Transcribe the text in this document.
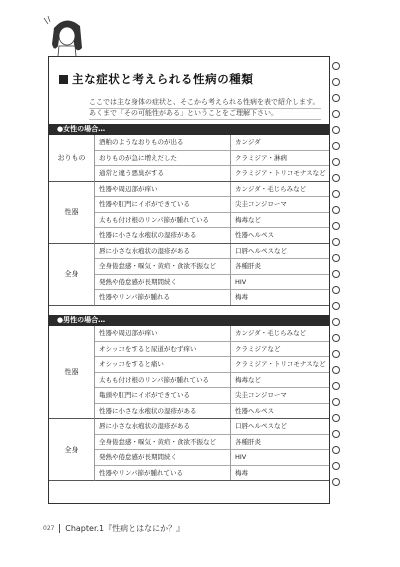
主な症状と考えられる性病の種類
ここでは主な身体の症状と、そこから考えられる性病を表で紹介します。あくまで「その可能性がある」ということをご理解下さい。
●女性の場合…
おりもの
酒粕のようなおりものが出る	カンジダ
おりものが急に増えだした	クラミジア・淋病
通常と違う悪臭がする	クラミジア・トリコモナスなど
性器
性器や周辺部が痒い	カンジダ・毛じらみなど
性器や肛門にイボができている	尖圭コンジローマ
太もも付け根のリンパ節が腫れている	梅毒など
性器に小さな水疱状の湿疹がある	性器ヘルペス
全身
唇に小さな水疱状の湿疹がある	口唇ヘルペスなど
全身倦怠感・嘔気・黄疸・食欲不振など	各種肝炎
発熱や倦怠感が長期間続く	HIV
性器やリンパ節が腫れる	梅毒
●男性の場合…
性器
性器や周辺部が痒い	カンジダ・毛じらみなど
オシッコをすると尿道がむず痒い	クラミジアなど
オシッコをすると痛い	クラミジア・トリコモナスなど
太もも付け根のリンパ節が腫れている	梅毒など
亀頭や肛門にイボができている	尖圭コンジローマ
性器に小さな水疱状の湿疹がある	性器ヘルペス
全身
唇に小さな水疱状の湿疹がある	口唇ヘルペスなど
全身倦怠感・嘔気・黄疸・食欲不振など	各種肝炎
発熱や倦怠感が長期間続く	HIV
性器やリンパ節が腫れている	梅毒
027 Chapter.1『性病とはなにか？』
